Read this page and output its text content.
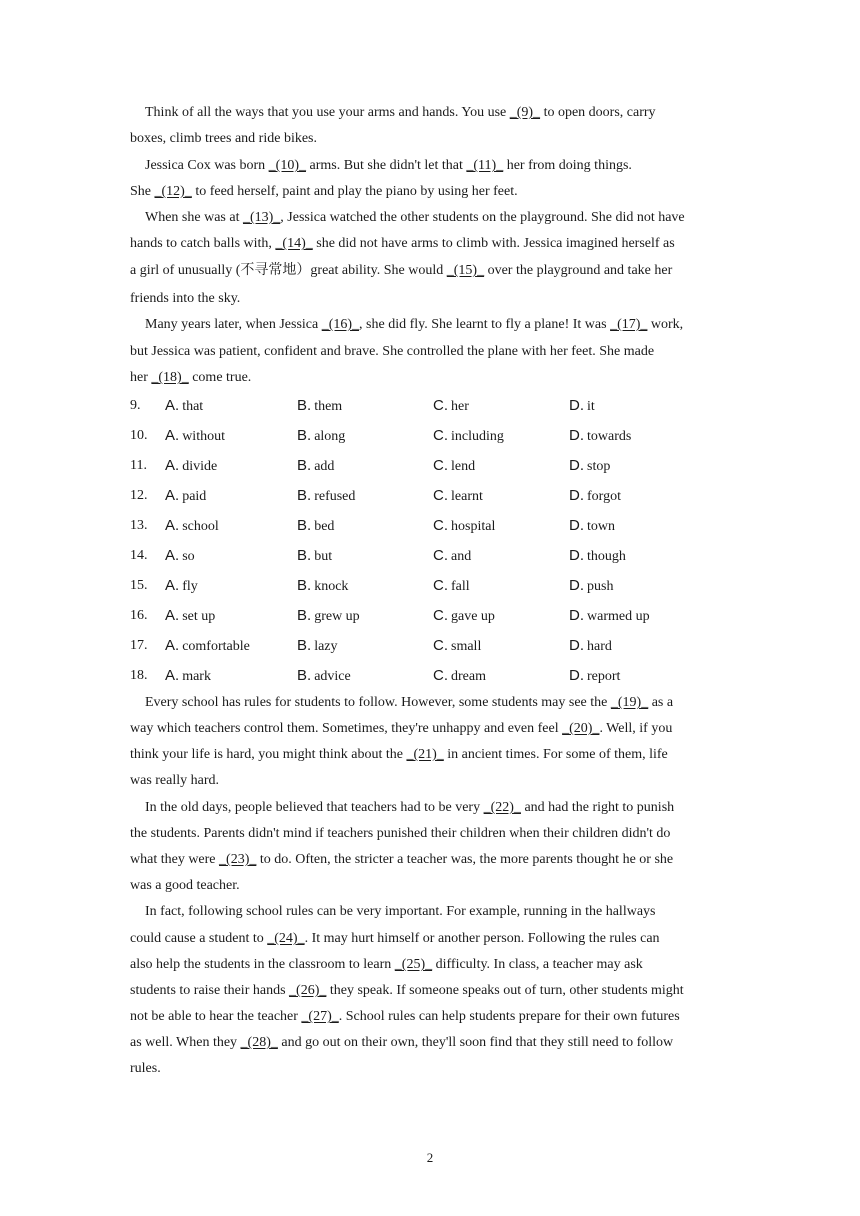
Think of all the ways that you use your arms and hands. You use _(9)_ to open doors, carry
boxes, climb trees and ride bikes.
Jessica Cox was born _(10)_ arms. But she didn't let that _(11)_ her from doing things.
She _(12)_ to feed herself, paint and play the piano by using her feet.
When she was at _(13)_, Jessica watched the other students on the playground. She did not have
hands to catch balls with, _(14)_ she did not have arms to climb with. Jessica imagined herself as
a girl of unusually (不寻常地）great ability. She would _(15)_ over the playground and take her
friends into the sky.
Many years later, when Jessica _(16)_, she did fly. She learnt to fly a plane! It was _(17)_ work,
but Jessica was patient, confident and brave. She controlled the plane with her feet. She made
her _(18)_ come true.
9. A. that	B. them	C. her	D. it
10. A. without	B. along	C. including	D. towards
11. A. divide	B. add	C. lend	D. stop
12. A. paid	B. refused	C. learnt	D. forgot
13. A. school	B. bed	C. hospital	D. town
14. A. so	B. but	C. and	D. though
15. A. fly	B. knock	C. fall	D. push
16. A. set up	B. grew up	C. gave up	D. warmed up
17. A. comfortable	B. lazy	C. small	D. hard
18. A. mark	B. advice	C. dream	D. report
Every school has rules for students to follow. However, some students may see the _(19)_ as a
way which teachers control them. Sometimes, they're unhappy and even feel _(20)_. Well, if you
think your life is hard, you might think about the _(21)_ in ancient times. For some of them, life
was really hard.
In the old days, people believed that teachers had to be very _(22)_ and had the right to punish
the students. Parents didn't mind if teachers punished their children when their children didn't do
what they were _(23)_ to do. Often, the stricter a teacher was, the more parents thought he or she
was a good teacher.
In fact, following school rules can be very important. For example, running in the hallways
could cause a student to _(24)_. It may hurt himself or another person. Following the rules can
also help the students in the classroom to learn _(25)_ difficulty. In class, a teacher may ask
students to raise their hands _(26)_ they speak. If someone speaks out of turn, other students might
not be able to hear the teacher _(27)_. School rules can help students prepare for their own futures
as well. When they _(28)_ and go out on their own, they'll soon find that they still need to follow
rules.
2
